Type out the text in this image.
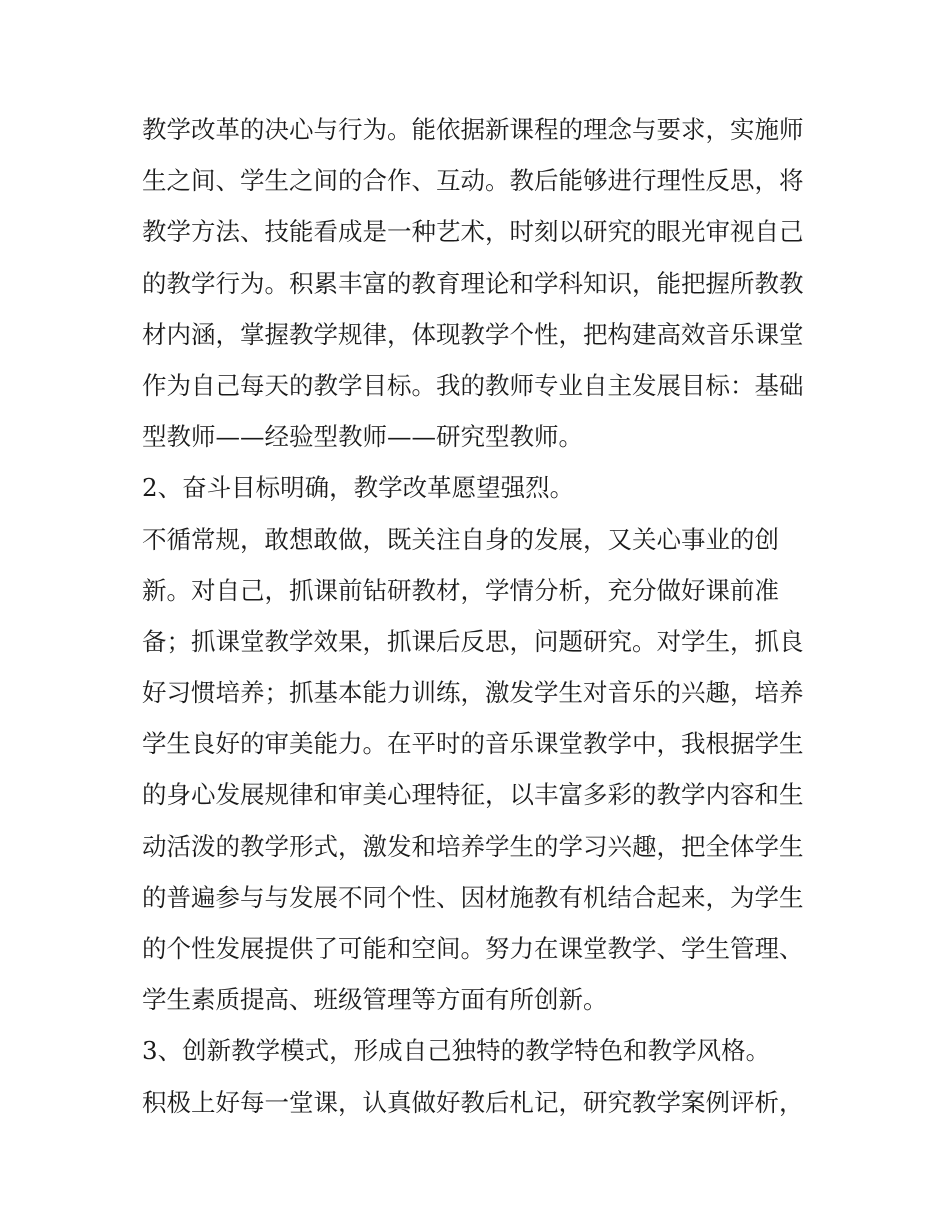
教学改革的决心与行为。能依据新课程的理念与要求，实施师
生之间、学生之间的合作、互动。教后能够进行理性反思，将
教学方法、技能看成是一种艺术，时刻以研究的眼光审视自己
的教学行为。积累丰富的教育理论和学科知识，能把握所教教
材内涵，掌握教学规律，体现教学个性，把构建高效音乐课堂
作为自己每天的教学目标。我的教师专业自主发展目标：基础
型教师——经验型教师——研究型教师。
2、奋斗目标明确，教学改革愿望强烈。
不循常规，敢想敢做，既关注自身的发展，又关心事业的创
新。对自己，抓课前钻研教材，学情分析，充分做好课前准
备；抓课堂教学效果，抓课后反思，问题研究。对学生，抓良
好习惯培养；抓基本能力训练，激发学生对音乐的兴趣，培养
学生良好的审美能力。在平时的音乐课堂教学中，我根据学生
的身心发展规律和审美心理特征，以丰富多彩的教学内容和生
动活泼的教学形式，激发和培养学生的学习兴趣，把全体学生
的普遍参与与发展不同个性、因材施教有机结合起来，为学生
的个性发展提供了可能和空间。努力在课堂教学、学生管理、
学生素质提高、班级管理等方面有所创新。
3、创新教学模式，形成自己独特的教学特色和教学风格。
积极上好每一堂课，认真做好教后札记，研究教学案例评析，
